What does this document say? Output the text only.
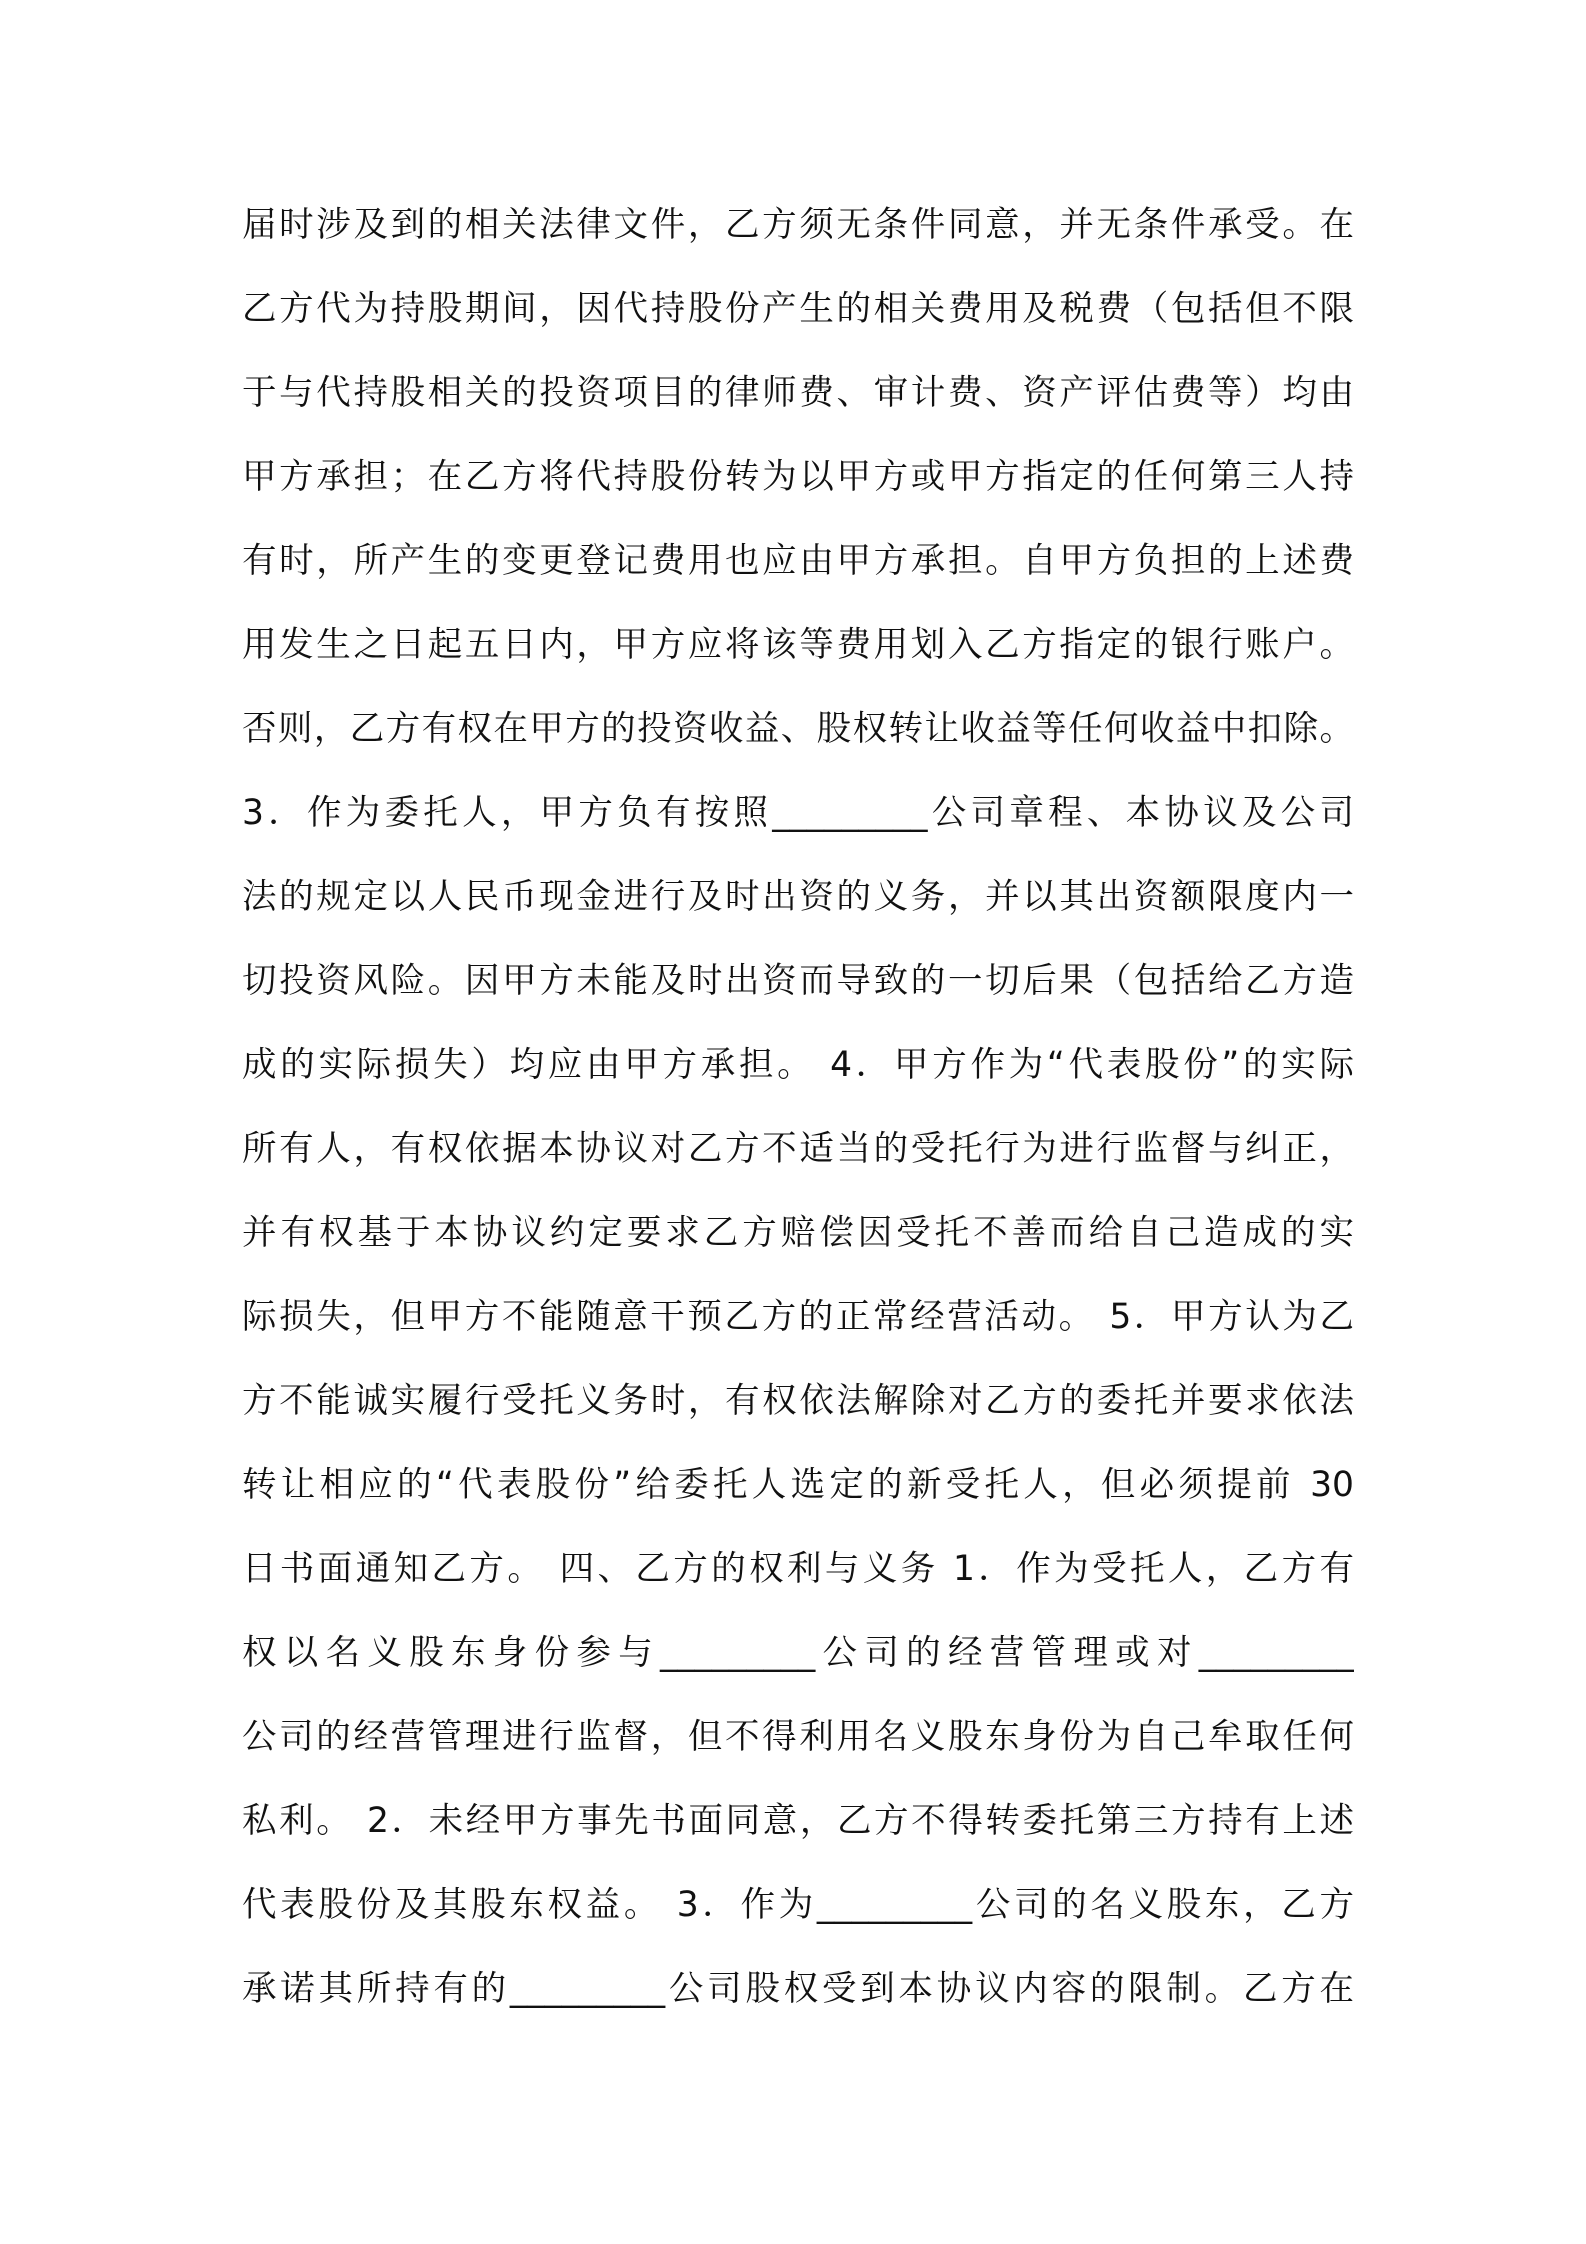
届时涉及到的相关法律文件，乙方须无条件同意，并无条件承受。在
乙方代为持股期间，因代持股份产生的相关费用及税费（包括但不限
于与代持股相关的投资项目的律师费、审计费、资产评估费等）均由
甲方承担；在乙方将代持股份转为以甲方或甲方指定的任何第三人持
有时，所产生的变更登记费用也应由甲方承担。自甲方负担的上述费
用发生之日起五日内，甲方应将该等费用划入乙方指定的银行账户。
否则，乙方有权在甲方的投资收益、股权转让收益等任何收益中扣除。
3．作为委托人，甲方负有按照_________公司章程、本协议及公司
法的规定以人民币现金进行及时出资的义务，并以其出资额限度内一
切投资风险。因甲方未能及时出资而导致的一切后果（包括给乙方造
成的实际损失）均应由甲方承担。 4．甲方作为“代表股份”的实际
所有人，有权依据本协议对乙方不适当的受托行为进行监督与纠正，
并有权基于本协议约定要求乙方赔偿因受托不善而给自己造成的实
际损失，但甲方不能随意干预乙方的正常经营活动。 5．甲方认为乙
方不能诚实履行受托义务时，有权依法解除对乙方的委托并要求依法
转让相应的“代表股份”给委托人选定的新受托人，但必须提前 30
日书面通知乙方。 四、乙方的权利与义务 1．作为受托人，乙方有
权以名义股东身份参与_________公司的经营管理或对_________
公司的经营管理进行监督，但不得利用名义股东身份为自己牟取任何
私利。 2．未经甲方事先书面同意，乙方不得转委托第三方持有上述
代表股份及其股东权益。 3．作为_________公司的名义股东，乙方
承诺其所持有的_________公司股权受到本协议内容的限制。乙方在
